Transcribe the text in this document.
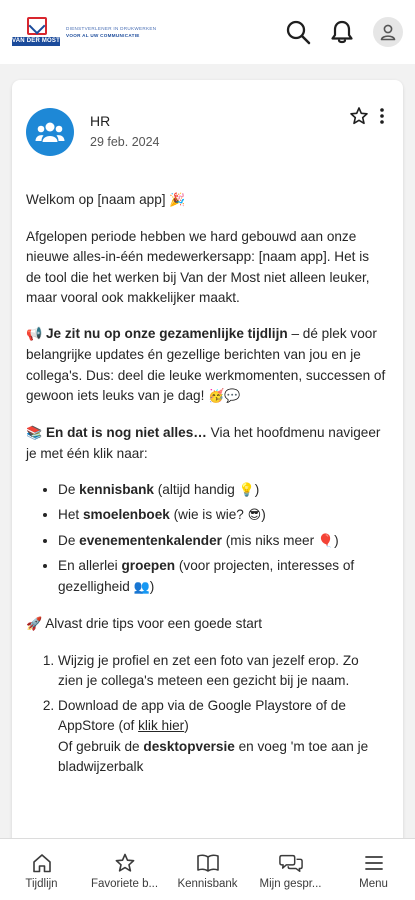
VAN DER MOST
DIENSTVERLENER IN DRUKWERKEN
VOOR AL UW COMMUNICATIE
HR
29 feb. 2024

Welkom op [naam app] 🎉

Afgelopen periode hebben we hard gebouwd aan onze nieuwe alles-in-één medewerkersapp: [naam app]. Het is de tool die het werken bij Van der Most niet alleen leuker, maar vooral ook makkelijker maakt.

📢 Je zit nu op onze gezamenlijke tijdlijn – dé plek voor belangrijke updates én gezellige berichten van jou en je collega's. Dus: deel die leuke werkmomenten, successen of gewoon iets leuks van je dag! 🥳💬

📚 En dat is nog niet alles… Via het hoofdmenu navigeer je met één klik naar:

• De kennisbank (altijd handig 💡)
• Het smoelenboek (wie is wie? 😎)
• De evenementenkalender (mis niks meer 🎈)
• En allerlei groepen (voor projecten, interesses of gezelligheid 👥)

🚀 Alvast drie tips voor een goede start

1. Wijzig je profiel en zet een foto van jezelf erop. Zo zien je collega's meteen een gezicht bij je naam.
2. Download de app via de Google Playstore of de AppStore (of klik hier)
Of gebruik de desktopversie en voeg 'm toe aan je bladwijzerbalk
Tijdlijn	Favoriete b... Kennisbank Mijn gespr...	Menu
